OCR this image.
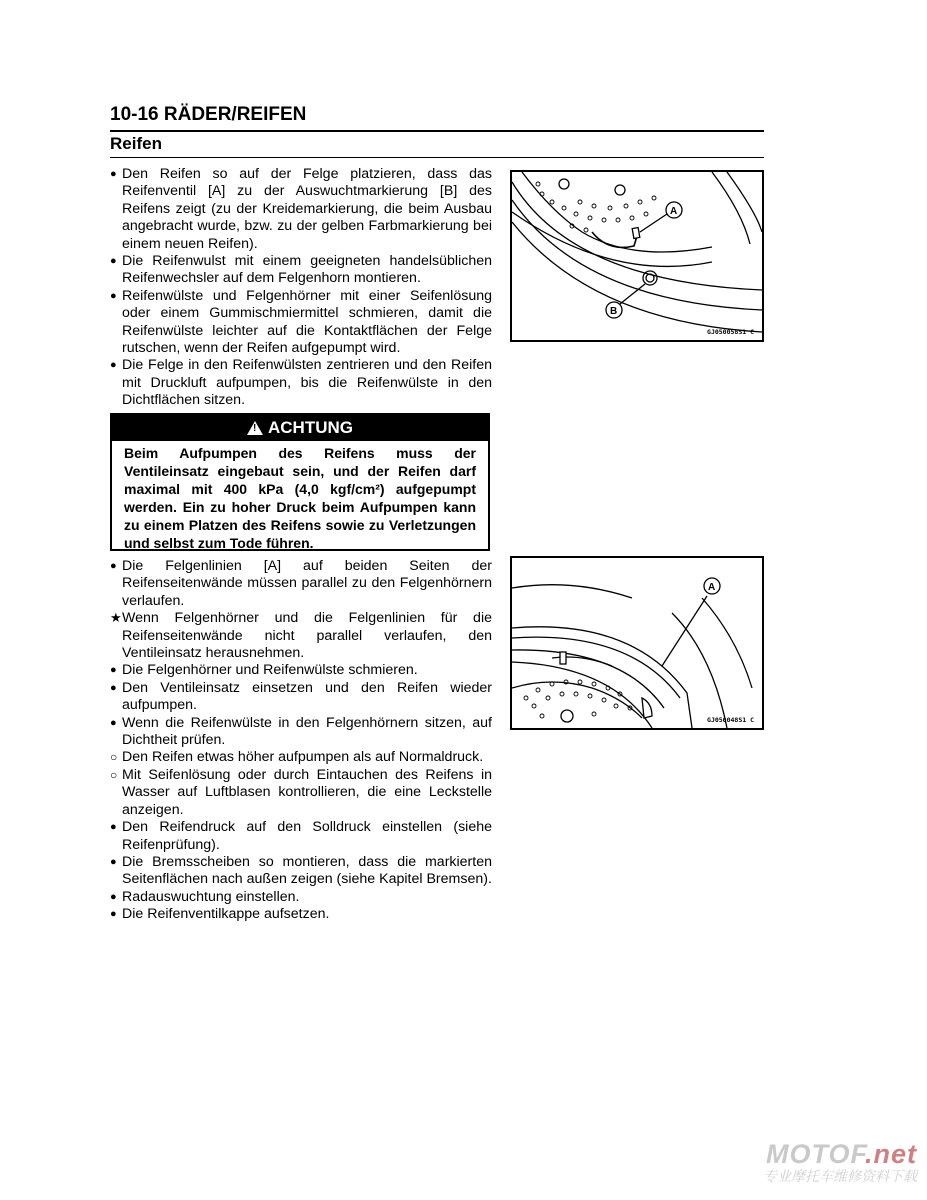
10-16 RÄDER/REIFEN
Reifen

● Den Reifen so auf der Felge platzieren, dass das Reifenventil [A] zu der Auswuchtmarkierung [B] des Reifens zeigt (zu der Kreidemarkierung, die beim Ausbau angebracht wurde, bzw. zu der gelben Farbmarkierung bei einem neuen Reifen).

● Die Reifenwulst mit einem geeigneten handelsüblichen Reifenwechsler auf dem Felgenhorn montieren.

● Reifenwülste und Felgenhörner mit einer Seifenlösung oder einem Gummischmiermittel schmieren, damit die Reifenwülste leichter auf die Kontaktflächen der Felge rutschen, wenn der Reifen aufgepumpt wird.

● Die Felge in den Reifenwülsten zentrieren und den Reifen mit Druckluft aufpumpen, bis die Reifenwülste in den Dichtflächen sitzen.

!ACHTUNG
Beim Aufpumpen des Reifens muss der Ventileinsatz eingebaut sein, und der Reifen darf maximal mit 400 kPa (4,0 kgf/cm²) aufgepumpt werden. Ein zu hoher Druck beim Aufpumpen kann zu einem Platzen des Reifens sowie zu Verletzungen und selbst zum Tode führen.

● Die Felgenlinien [A] auf beiden Seiten der Reifenseitenwände müssen parallel zu den Felgenhörnern verlaufen.

★ Wenn Felgenhörner und die Felgenlinien für die Reifenseitenwände nicht parallel verlaufen, den Ventileinsatz herausnehmen.

● Die Felgenhörner und Reifenwülste schmieren.

● Den Ventileinsatz einsetzen und den Reifen wieder aufpumpen.

● Wenn die Reifenwülste in den Felgenhörnern sitzen, auf Dichtheit prüfen.

○ Den Reifen etwas höher aufpumpen als auf Normaldruck.

○ Mit Seifenlösung oder durch Eintauchen des Reifens in Wasser auf Luftblasen kontrollieren, die eine Leckstelle anzeigen.

● Den Reifendruck auf den Solldruck einstellen (siehe Reifenprüfung).

● Die Bremsscheiben so montieren, dass die markierten Seitenflächen nach außen zeigen (siehe Kapitel Bremsen).

● Radauswuchtung einstellen.

● Die Reifenventilkappe aufsetzen.

A
B
GJ050058S1 C
A
GJ050048S1 C
MOTOF.net
专业摩托车维修资料下载
